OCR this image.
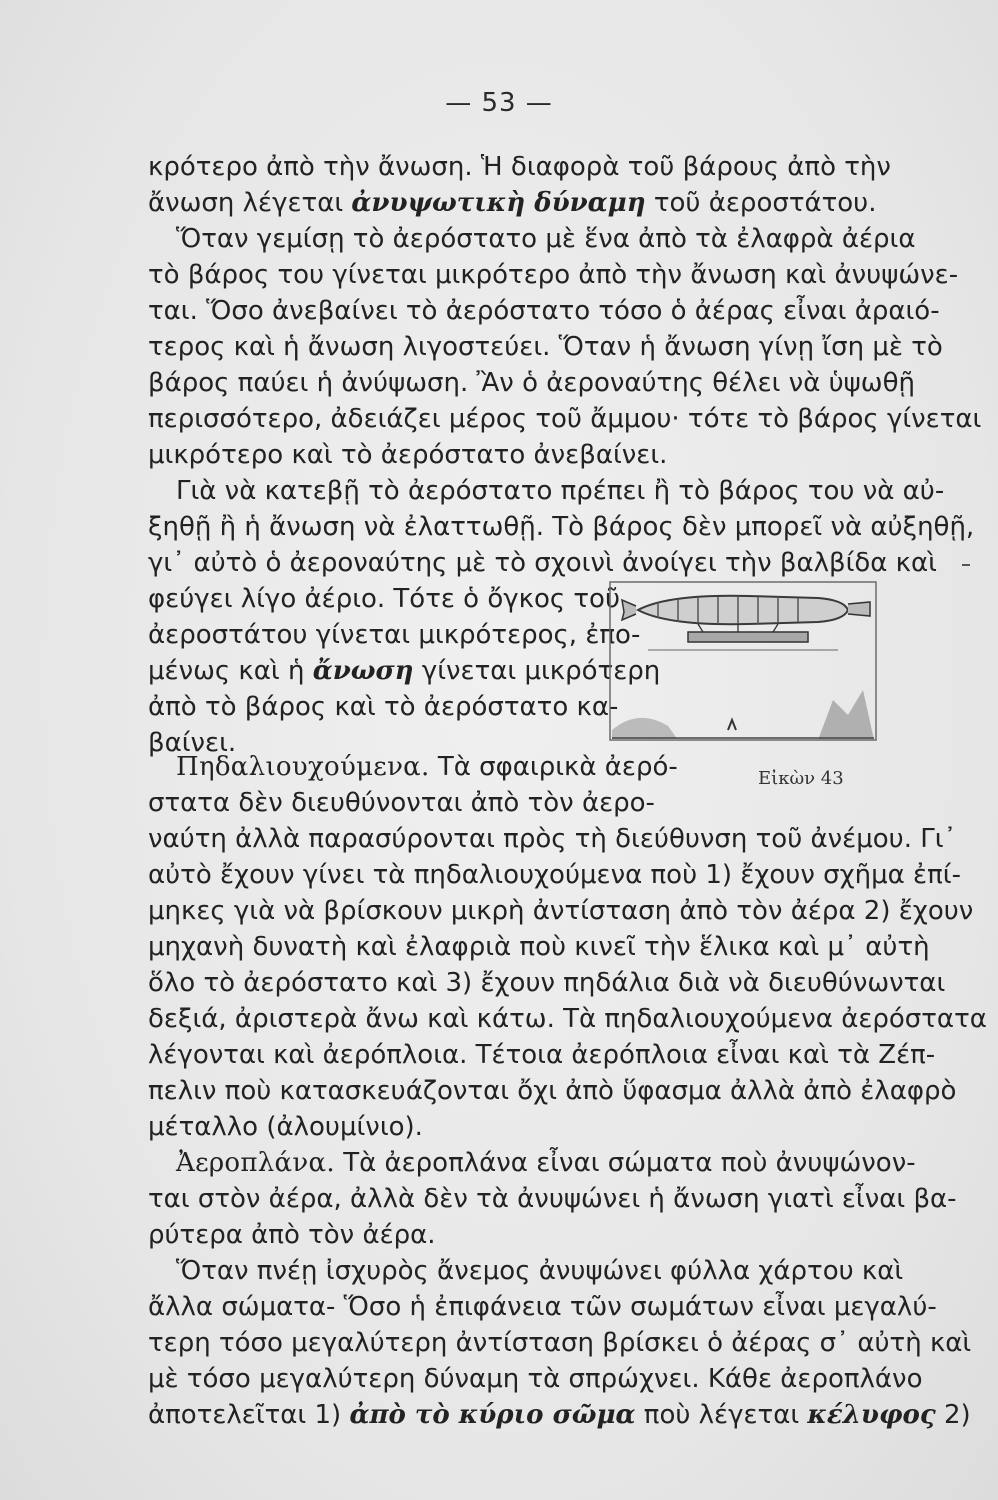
— 53 —
κρότερο ἀπὸ τὴν ἄνωση. Ἡ διαφορὰ τοῦ βάρους ἀπὸ τὴν
ἄνωση λέγεται ἀνυψωτικὴ δύναμη τοῦ ἀεροστάτου.
Ὅταν γεμίσῃ τὸ ἀερόστατο μὲ ἕνα ἀπὸ τὰ ἐλαφρὰ ἀέρια
τὸ βάρος του γίνεται μικρότερο ἀπὸ τὴν ἄνωση καὶ ἀνυψώνε-
ται. Ὅσο ἀνεβαίνει τὸ ἀερόστατο τόσο ὁ ἀέρας εἶναι ἀραιό-
τερος καὶ ἡ ἄνωση λιγοστεύει. Ὅταν ἡ ἄνωση γίνῃ ἴση μὲ τὸ
βάρος παύει ἡ ἀνύψωση. Ἂν ὁ ἀεροναύτης θέλει νὰ ὑψωθῇ
περισσότερο, ἀδειάζει μέρος τοῦ ἄμμου· τότε τὸ βάρος γίνεται
μικρότερο καὶ τὸ ἀερόστατο ἀνεβαίνει.
Γιὰ νὰ κατεβῇ τὸ ἀερόστατο πρέπει ἢ τὸ βάρος του νὰ αὐ-
ξηθῇ ἢ ἡ ἄνωση νὰ ἐλαττωθῇ. Τὸ βάρος δὲν μπορεῖ νὰ αὐξηθῇ,
γι᾿ αὐτὸ ὁ ἀεροναύτης μὲ τὸ σχοινὶ ἀνοίγει τὴν βαλβίδα καὶ
φεύγει λίγο ἀέριο. Τότε ὁ ὄγκος τοῦ
ἀεροστάτου γίνεται μικρότερος, ἐπο-
μένως καὶ ἡ ἄνωση γίνεται μικρότερη
ἀπὸ τὸ βάρος καὶ τὸ ἀερόστατο κα-
βαίνει.
Εἰκὼν 43
Πηδαλιουχούμενα. Τὰ σφαιρικὰ ἀερό-
στατα δὲν διευθύνονται ἀπὸ τὸν ἀερο-
ναύτη ἀλλὰ παρασύρονται πρὸς τὴ διεύθυνση τοῦ ἀνέμου. Γι᾿
αὐτὸ ἔχουν γίνει τὰ πηδαλιουχούμενα ποὺ 1) ἔχουν σχῆμα ἐπί-
μηκες γιὰ νὰ βρίσκουν μικρὴ ἀντίσταση ἀπὸ τὸν ἀέρα 2) ἔχουν
μηχανὴ δυνατὴ καὶ ἐλαφριὰ ποὺ κινεῖ τὴν ἕλικα καὶ μ᾿ αὐτὴ
ὅλο τὸ ἀερόστατο καὶ 3) ἔχουν πηδάλια διὰ νὰ διευθύνωνται
δεξιά, ἀριστερὰ ἄνω καὶ κάτω. Τὰ πηδαλιουχούμενα ἀερόστατα
λέγονται καὶ ἀερόπλοια. Τέτοια ἀερόπλοια εἶναι καὶ τὰ Ζέπ-
πελιν ποὺ κατασκευάζονται ὄχι ἀπὸ ὕφασμα ἀλλὰ ἀπὸ ἐλαφρὸ
μέταλλο (ἀλουμίνιο).
Ἀεροπλάνα. Τὰ ἀεροπλάνα εἶναι σώματα ποὺ ἀνυψώνον-
ται στὸν ἀέρα, ἀλλὰ δὲν τὰ ἀνυψώνει ἡ ἄνωση γιατὶ εἶναι βα-
ρύτερα ἀπὸ τὸν ἀέρα.
Ὅταν πνέῃ ἰσχυρὸς ἄνεμος ἀνυψώνει φύλλα χάρτου καὶ
ἄλλα σώματα- Ὅσο ἡ ἐπιφάνεια τῶν σωμάτων εἶναι μεγαλύ-
τερη τόσο μεγαλύτερη ἀντίσταση βρίσκει ὁ ἀέρας σ᾿ αὐτὴ καὶ
μὲ τόσο μεγαλύτερη δύναμη τὰ σπρώχνει. Κάθε ἀεροπλάνο
ἀποτελεῖται 1) ἀπὸ τὸ κύριο σῶμα ποὺ λέγεται κέλυφος 2)
